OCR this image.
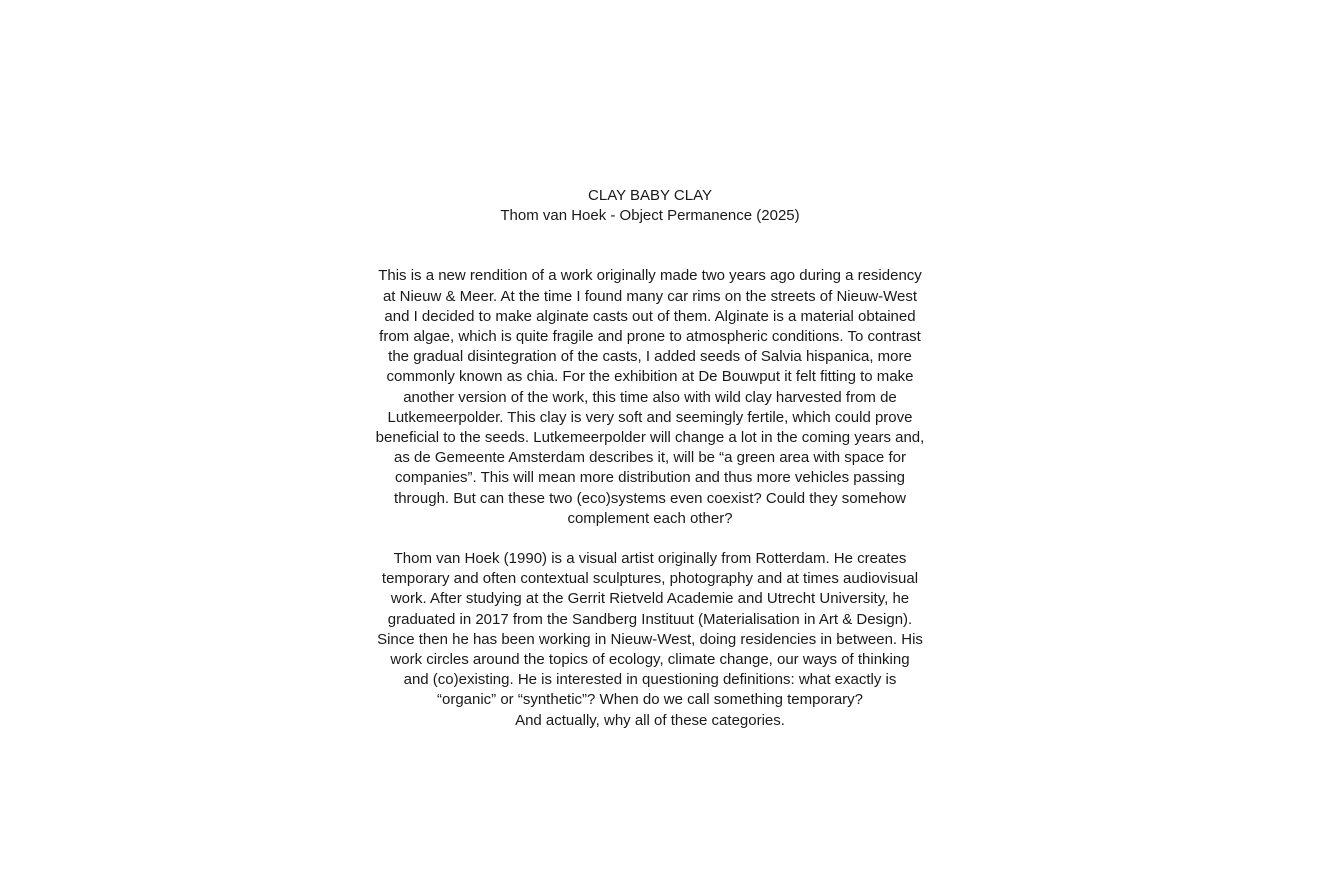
CLAY BABY CLAY

Thom van Hoek - Object Permanence (2025)

This is a new rendition of a work originally made two years ago during a residency
at Nieuw & Meer. At the time I found many car rims on the streets of Nieuw-West
and I decided to make alginate casts out of them. Alginate is a material obtained
from algae, which is quite fragile and prone to atmospheric conditions. To contrast
the gradual disintegration of the casts, I added seeds of Salvia hispanica, more
commonly known as chia. For the exhibition at De Bouwput it felt fitting to make
another version of the work, this time also with wild clay harvested from de
Lutkemeerpolder. This clay is very soft and seemingly fertile, which could prove
beneficial to the seeds. Lutkemeerpolder will change a lot in the coming years and,
as de Gemeente Amsterdam describes it, will be “a green area with space for
companies”. This will mean more distribution and thus more vehicles passing
through. But can these two (eco)systems even coexist? Could they somehow
complement each other?

Thom van Hoek (1990) is a visual artist originally from Rotterdam. He creates
temporary and often contextual sculptures, photography and at times audiovisual
work. After studying at the Gerrit Rietveld Academie and Utrecht University, he
graduated in 2017 from the Sandberg Instituut (Materialisation in Art & Design).
Since then he has been working in Nieuw-West, doing residencies in between. His
work circles around the topics of ecology, climate change, our ways of thinking
and (co)existing. He is interested in questioning definitions: what exactly is
“organic” or “synthetic”? When do we call something temporary?
And actually, why all of these categories.
